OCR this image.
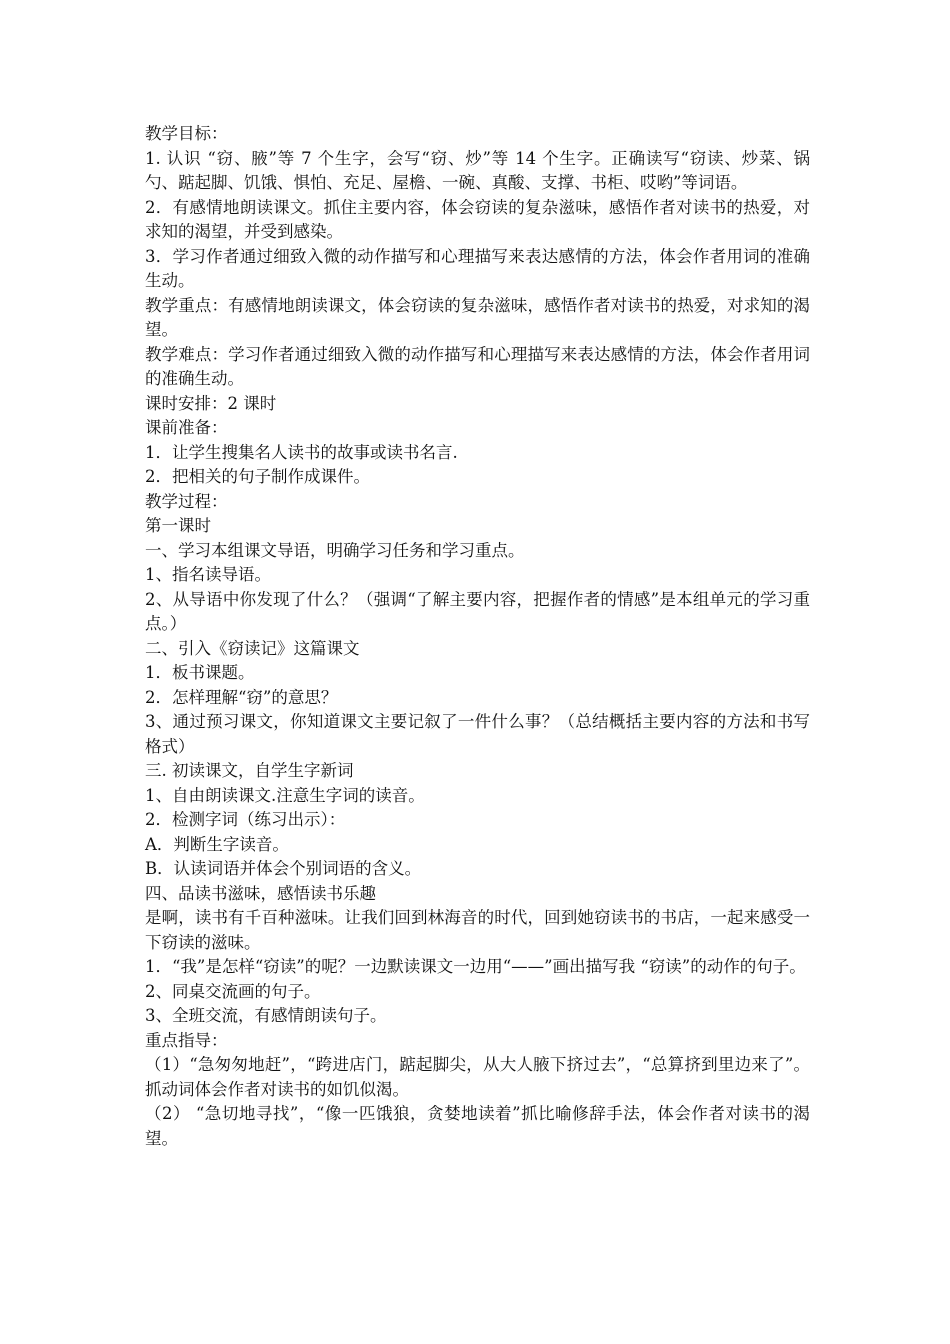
教学目标：

1. 认识 “窃、腋”等 7 个生字，会写“窃、炒”等 14 个生字。正确读写“窃读、炒菜、锅勺、踮起脚、饥饿、惧怕、充足、屋檐、一碗、真酸、支撑、书柜、哎哟”等词语。

2．有感情地朗读课文。抓住主要内容，体会窃读的复杂滋味，感悟作者对读书的热爱，对求知的渴望，并受到感染。

3．学习作者通过细致入微的动作描写和心理描写来表达感情的方法，体会作者用词的准确生动。

教学重点：有感情地朗读课文，体会窃读的复杂滋味，感悟作者对读书的热爱，对求知的渴望。

教学难点：学习作者通过细致入微的动作描写和心理描写来表达感情的方法，体会作者用词的准确生动。

课时安排：2 课时

课前准备：

1．让学生搜集名人读书的故事或读书名言.

2．把相关的句子制作成课件。

教学过程：

第一课时

一、学习本组课文导语，明确学习任务和学习重点。

1、指名读导语。

2、从导语中你发现了什么？（强调“了解主要内容，把握作者的情感”是本组单元的学习重点。）

二、引入《窃读记》这篇课文

1．板书课题。

2．怎样理解“窃”的意思？

3、通过预习课文，你知道课文主要记叙了一件什么事？（总结概括主要内容的方法和书写格式）

三. 初读课文，自学生字新词

1、自由朗读课文.注意生字词的读音。

2．检测字词（练习出示）：

A．判断生字读音。

B．认读词语并体会个别词语的含义。

四、品读书滋味，感悟读书乐趣

是啊，读书有千百种滋味。让我们回到林海音的时代，回到她窃读书的书店，一起来感受一下窃读的滋味。

1．“我”是怎样“窃读”的呢？一边默读课文一边用“——”画出描写我 “窃读”的动作的句子。

2、同桌交流画的句子。

3、全班交流，有感情朗读句子。

重点指导：

（1）“急匆匆地赶”，“跨进店门，踮起脚尖，从大人腋下挤过去”，“总算挤到里边来了”。抓动词体会作者对读书的如饥似渴。

（2） “急切地寻找”，“像一匹饿狼，贪婪地读着”抓比喻修辞手法，体会作者对读书的渴望。
